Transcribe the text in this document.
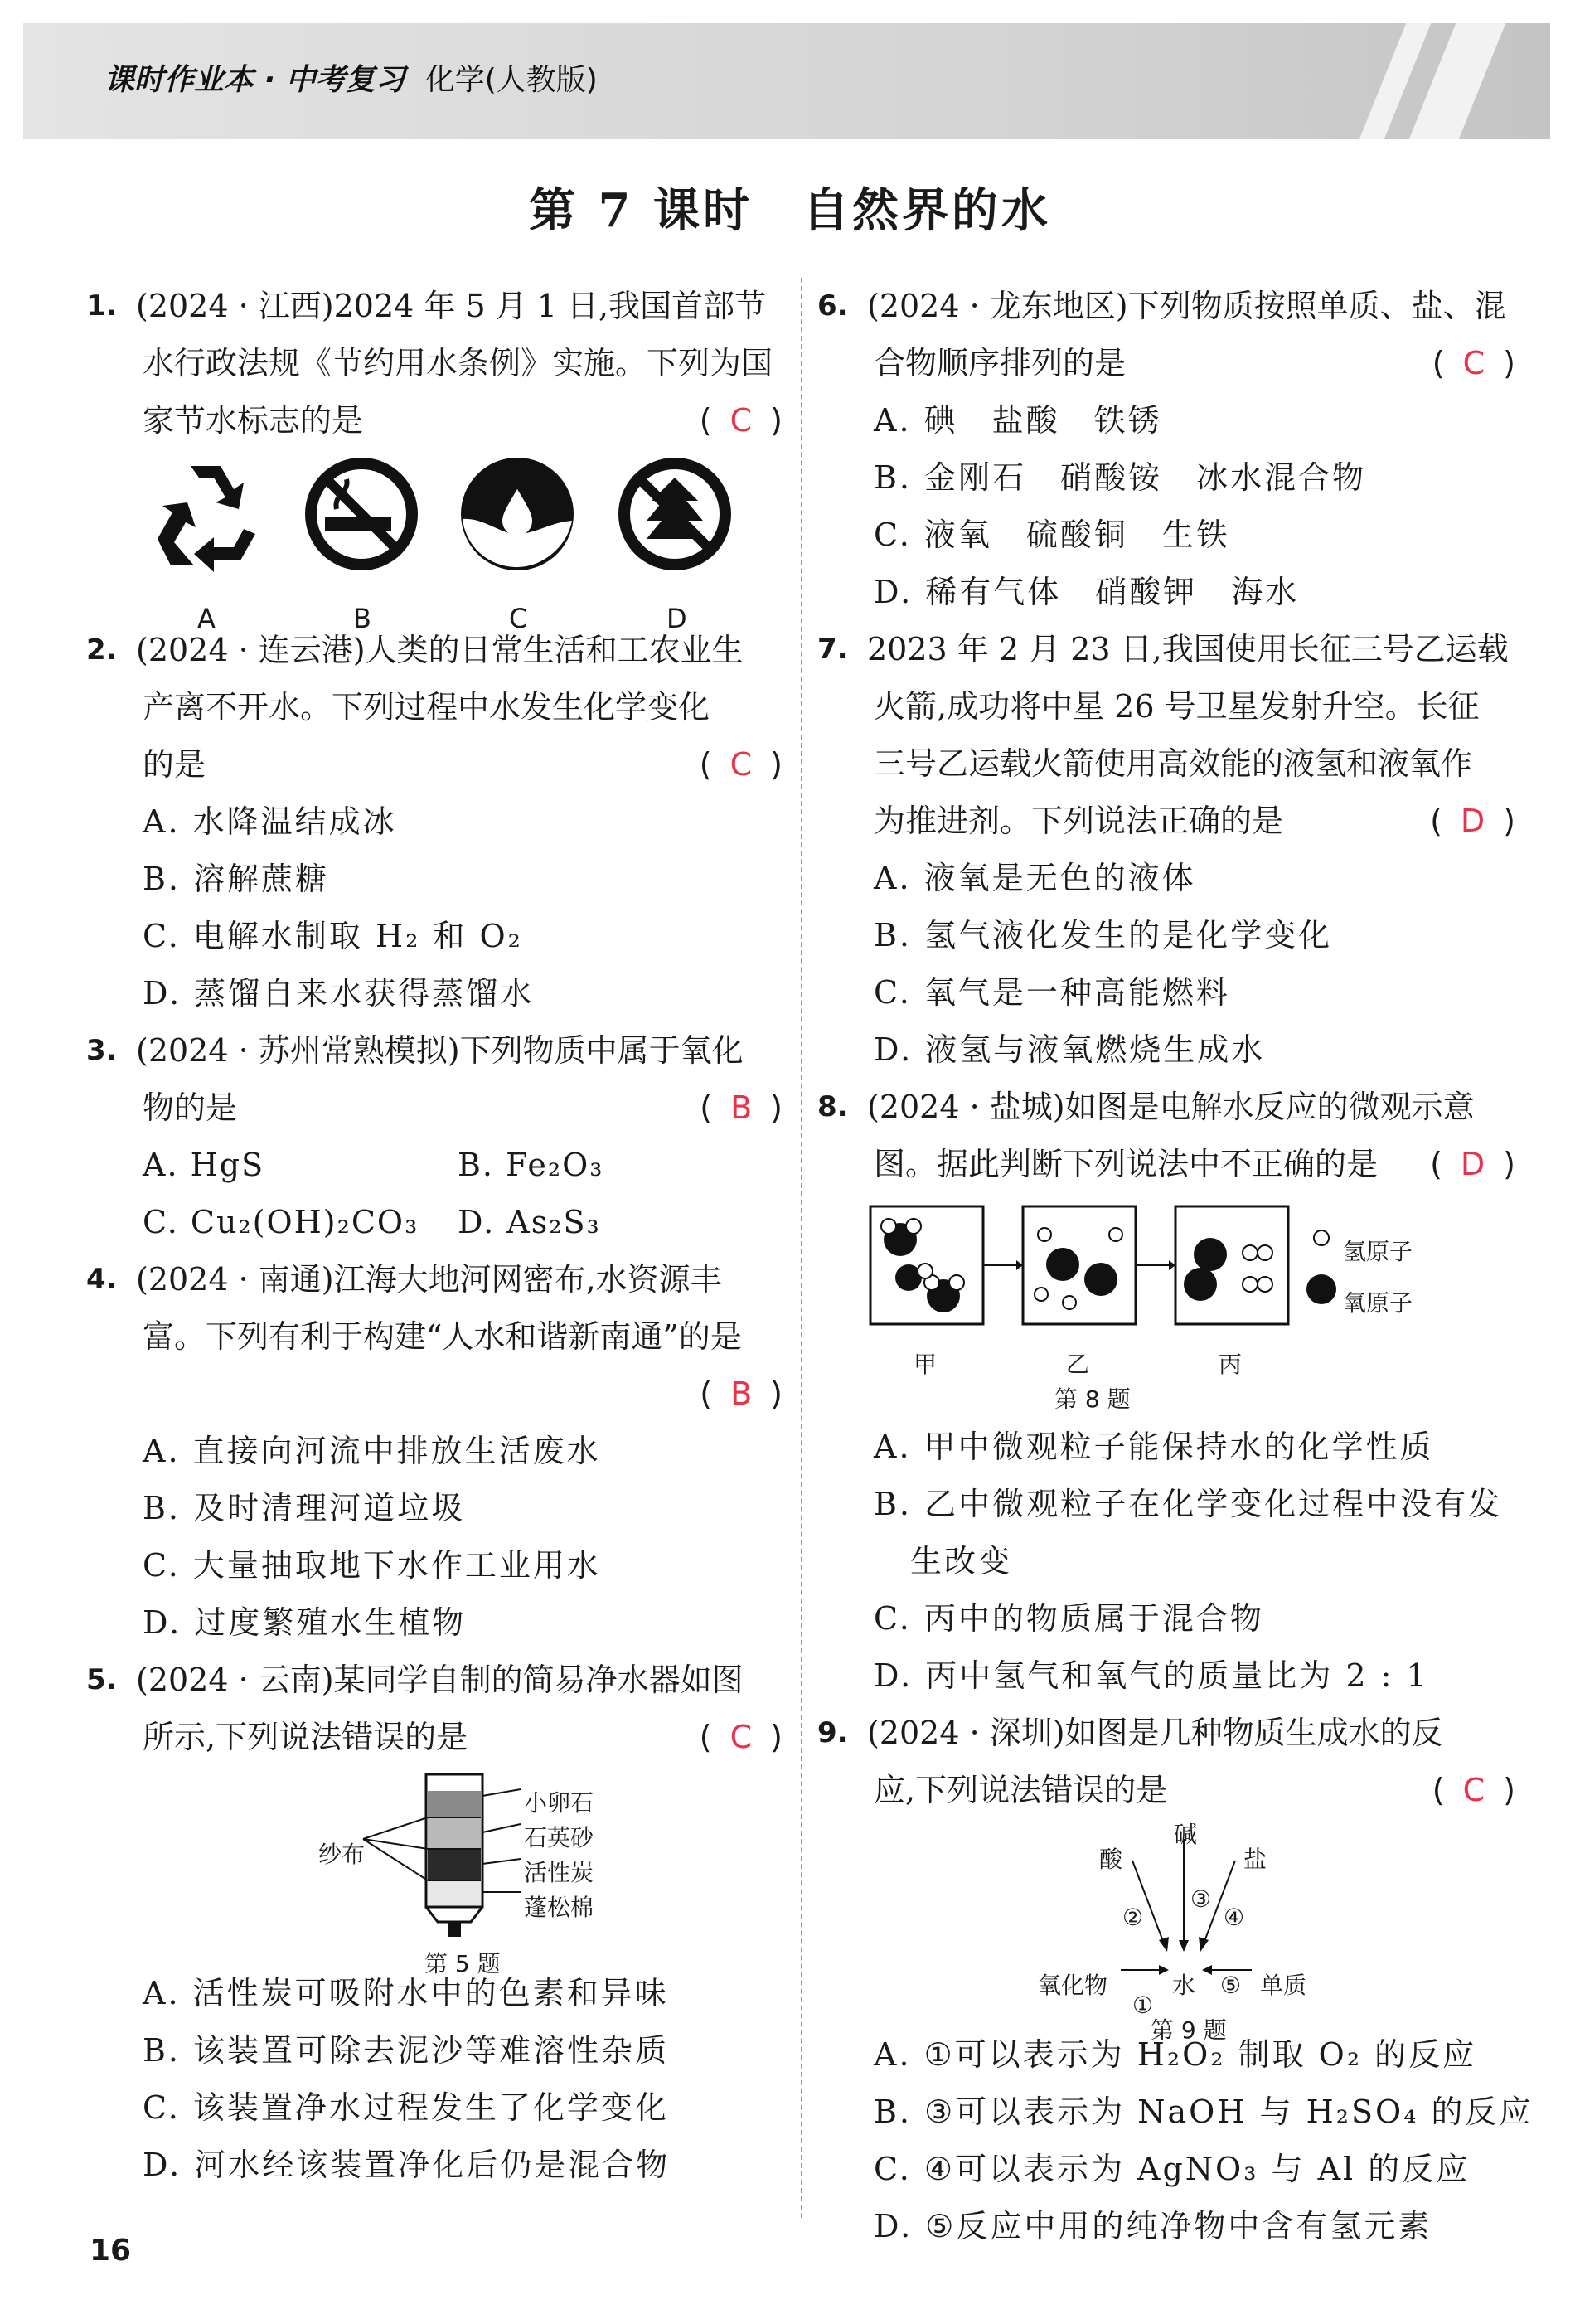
课时作业本 · 中考复习 化学(人教版)
第 7 课时　自然界的水
1. (2024 · 江西)2024 年 5 月 1 日,我国首部节
水行政法规《节约用水条例》实施。下列为国
家节水标志的是	( C )
A	B	C	D
2. (2024 · 连云港)人类的日常生活和工农业生
产离不开水。下列过程中水发生化学变化
的是	( C )
A. 水降温结成冰
B. 溶解蔗糖
C. 电解水制取 H₂ 和 O₂
D. 蒸馏自来水获得蒸馏水
3. (2024 · 苏州常熟模拟)下列物质中属于氧化
物的是	( B )
A. HgS	B. Fe₂O₃
C. Cu₂(OH)₂CO₃	D. As₂S₃
4. (2024 · 南通)江海大地河网密布,水资源丰
富。下列有利于构建“人水和谐新南通”的是
( B )

A. 直接向河流中排放生活废水
B. 及时清理河道垃圾
C. 大量抽取地下水作工业用水
D. 过度繁殖水生植物
5. (2024 · 云南)某同学自制的简易净水器如图
所示,下列说法错误的是	( C )
纱布
小卵石
石英砂
活性炭
蓬松棉
第 5 题
A. 活性炭可吸附水中的色素和异味
B. 该装置可除去泥沙等难溶性杂质
C. 该装置净水过程发生了化学变化
D. 河水经该装置净化后仍是混合物
6. (2024 · 龙东地区)下列物质按照单质、盐、混
合物顺序排列的是	( C )
A. 碘　盐酸　铁锈
B. 金刚石　硝酸铵　冰水混合物
C. 液氧　硫酸铜　生铁
D. 稀有气体　硝酸钾　海水
7. 2023 年 2 月 23 日,我国使用长征三号乙运载
火箭,成功将中星 26 号卫星发射升空。长征
三号乙运载火箭使用高效能的液氢和液氧作
为推进剂。下列说法正确的是	( D )
A. 液氧是无色的液体
B. 氢气液化发生的是化学变化
C. 氧气是一种高能燃料
D. 液氢与液氧燃烧生成水
8. (2024 · 盐城)如图是电解水反应的微观示意
图。据此判断下列说法中不正确的是 ( D )
氢原子
氧原子
甲	乙	丙
第 8 题
A. 甲中微观粒子能保持水的化学性质
B. 乙中微观粒子在化学变化过程中没有发
生改变
C. 丙中的物质属于混合物
D. 丙中氢气和氧气的质量比为 2 : 1
9. (2024 · 深圳)如图是几种物质生成水的反
应,下列说法错误的是	( C )
碱
酸	盐
②
③
④
氧化物	水	单质
①
⑤
第 9 题
A. ①可以表示为 H₂O₂ 制取 O₂ 的反应
B. ③可以表示为 NaOH 与 H₂SO₄ 的反应
C. ④可以表示为 AgNO₃ 与 Al 的反应
D. ⑤反应中用的纯净物中含有氢元素
16
